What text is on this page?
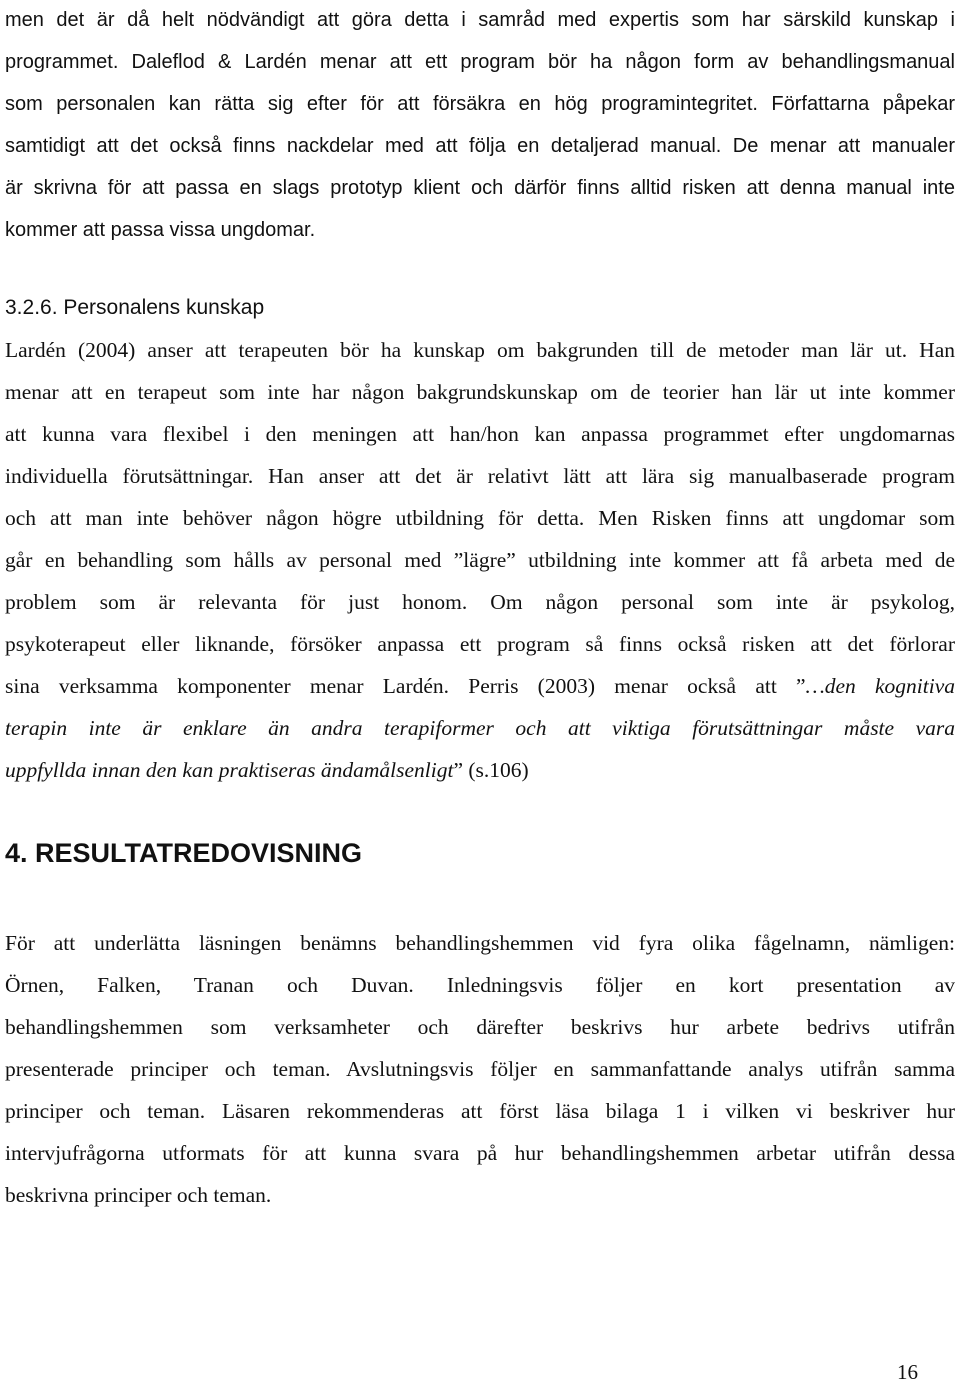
men det är då helt nödvändigt att göra detta i samråd med expertis som har särskild kunskap i
programmet. Daleflod & Lardén menar att ett program bör ha någon form av behandlingsmanual
som personalen kan rätta sig efter för att försäkra en hög programintegritet. Författarna påpekar
samtidigt att det också finns nackdelar med att följa en detaljerad manual. De menar att manualer
är skrivna för att passa en slags prototyp klient och därför finns alltid risken att denna manual inte
kommer att passa vissa ungdomar.
3.2.6. Personalens kunskap
Lardén (2004) anser att terapeuten bör ha kunskap om bakgrunden till de metoder man lär ut. Han
menar att en terapeut som inte har någon bakgrundskunskap om de teorier han lär ut inte kommer
att kunna vara flexibel i den meningen att han/hon kan anpassa programmet efter ungdomarnas
individuella förutsättningar. Han anser att det är relativt lätt att lära sig manualbaserade program
och att man inte behöver någon högre utbildning för detta. Men Risken finns att ungdomar som
går en behandling som hålls av personal med ”lägre” utbildning inte kommer att få arbeta med de
problem som är relevanta för just honom. Om någon personal som inte är psykolog,
psykoterapeut eller liknande, försöker anpassa ett program så finns också risken att det förlorar
sina verksamma komponenter menar Lardén. Perris (2003) menar också att ”…den kognitiva
terapin inte är enklare än andra terapiformer och att viktiga förutsättningar måste vara
uppfyllda innan den kan praktiseras ändamålsenligt” (s.106)
4. RESULTATREDOVISNING
För att underlätta läsningen benämns behandlingshemmen vid fyra olika fågelnamn, nämligen:
Örnen, Falken, Tranan och Duvan. Inledningsvis följer en kort presentation av
behandlingshemmen som verksamheter och därefter beskrivs hur arbete bedrivs utifrån
presenterade principer och teman. Avslutningsvis följer en sammanfattande analys utifrån samma
principer och teman. Läsaren rekommenderas att först läsa bilaga 1 i vilken vi beskriver hur
intervjufrågorna utformats för att kunna svara på hur behandlingshemmen arbetar utifrån dessa
beskrivna principer och teman.
16
